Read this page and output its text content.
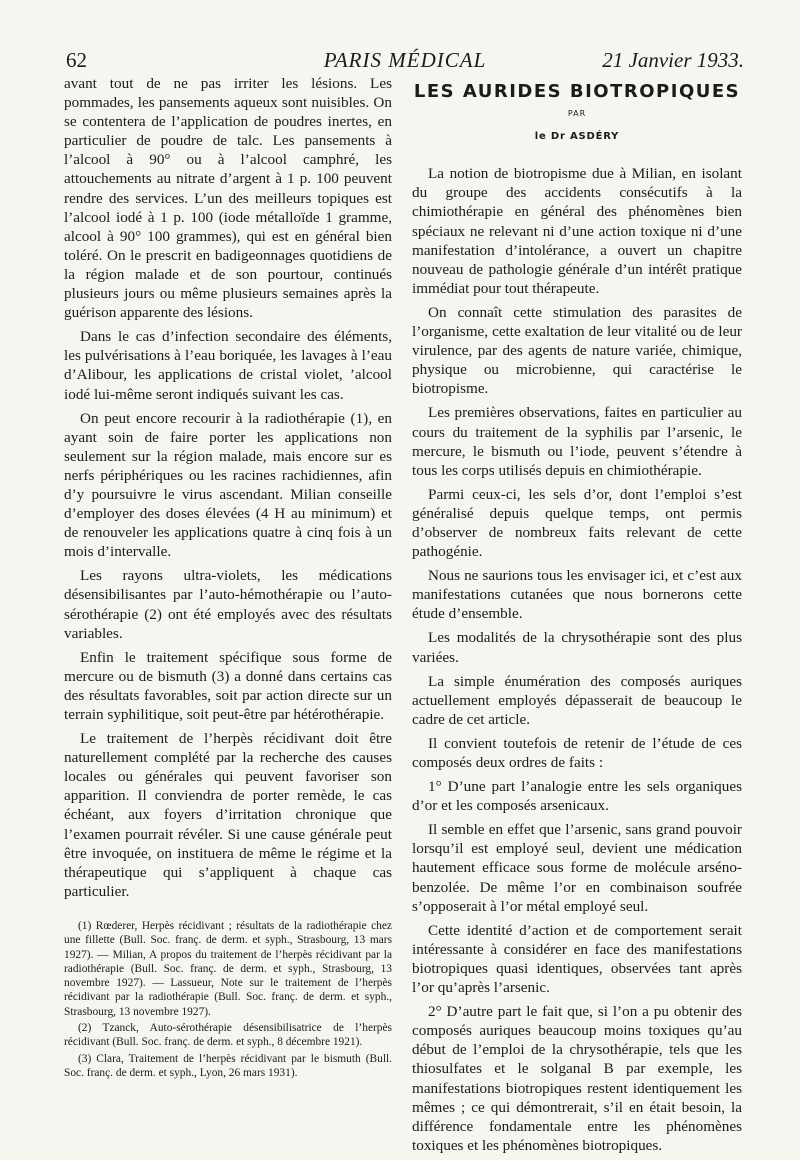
62	PARIS MÉDICAL	21 Janvier 1933.

avant tout de ne pas irriter les lésions. Les pommades, les pansements aqueux sont nuisibles. On se contentera de l’application de poudres inertes, en particulier de poudre de talc. Les pansements à l’alcool à 90° ou à l’alcool camphré, les attouchements au nitrate d’argent à 1 p. 100 peuvent rendre des services. L’un des meilleurs topiques est l’alcool iodé à 1 p. 100 (iode métalloïde 1 gramme, alcool à 90° 100 grammes), qui est en général bien toléré. On le prescrit en badigeonnages quotidiens de la région malade et de son pourtour, continués plusieurs jours ou même plusieurs semaines après la guérison apparente des lésions.

Dans le cas d’infection secondaire des éléments, les pulvérisations à l’eau boriquée, les lavages à l’eau d’Alibour, les applications de cristal violet, ’alcool iodé lui-même seront indiqués suivant les cas.

On peut encore recourir à la radiothérapie (1), en ayant soin de faire porter les applications non seulement sur la région malade, mais encore sur es nerfs périphériques ou les racines rachidiennes, afin d’y poursuivre le virus ascendant. Milian conseille d’employer des doses élevées (4 H au minimum) et de renouveler les applications quatre à cinq fois à un mois d’intervalle.

Les rayons ultra-violets, les médications désensibilisantes par l’auto-hémothérapie ou l’auto-sérothérapie (2) ont été employés avec des résultats variables.

Enfin le traitement spécifique sous forme de mercure ou de bismuth (3) a donné dans certains cas des résultats favorables, soit par action directe sur un terrain syphilitique, soit peut-être par hétérothérapie.

Le traitement de l’herpès récidivant doit être naturellement complété par la recherche des causes locales ou générales qui peuvent favoriser son apparition. Il conviendra de porter remède, le cas échéant, aux foyers d’irritation chronique que l’examen pourrait révéler. Si une cause générale peut être invoquée, on instituera de même le régime et la thérapeutique qui s’appliquent à chaque cas particulier.

(1) Rœderer, Herpès récidivant ; résultats de la radiothérapie chez une fillette (Bull. Soc. franç. de derm. et syph., Strasbourg, 13 mars 1927). — Milian, A propos du traitement de l’herpès récidivant par la radiothérapie (Bull. Soc. franç. de derm. et syph., Strasbourg, 13 novembre 1927). — Lassueur, Note sur le traitement de l’herpès récidivant par la radiothérapie (Bull. Soc. franç. de derm. et syph., Strasbourg, 13 novembre 1927).

(2) Tzanck, Auto-sérothérapie désensibilisatrice de l’herpès récidivant (Bull. Soc. franç. de derm. et syph., 8 décembre 1921).

(3) Clara, Traitement de l’herpès récidivant par le bismuth (Bull. Soc. franç. de derm. et syph., Lyon, 26 mars 1931).

LES AURIDES BIOTROPIQUES
PAR
le Dr ASDÉRY

La notion de biotropisme due à Milian, en isolant du groupe des accidents consécutifs à la chimiothérapie en général des phénomènes bien spéciaux ne relevant ni d’une action toxique ni d’une manifestation d’intolérance, a ouvert un chapitre nouveau de pathologie générale d’un intérêt pratique immédiat pour tout thérapeute.

On connaît cette stimulation des parasites de l’organisme, cette exaltation de leur vitalité ou de leur virulence, par des agents de nature variée, chimique, physique ou microbienne, qui caractérise le biotropisme.

Les premières observations, faites en particulier au cours du traitement de la syphilis par l’arsenic, le mercure, le bismuth ou l’iode, peuvent s’étendre à tous les corps utilisés depuis en chimiothérapie.

Parmi ceux-ci, les sels d’or, dont l’emploi s’est généralisé depuis quelque temps, ont permis d’observer de nombreux faits relevant de cette pathogénie.

Nous ne saurions tous les envisager ici, et c’est aux manifestations cutanées que nous bornerons cette étude d’ensemble.

Les modalités de la chrysothérapie sont des plus variées.

La simple énumération des composés auriques actuellement employés dépasserait de beaucoup le cadre de cet article.

Il convient toutefois de retenir de l’étude de ces composés deux ordres de faits :

1° D’une part l’analogie entre les sels organiques d’or et les composés arsenicaux.

Il semble en effet que l’arsenic, sans grand pouvoir lorsqu’il est employé seul, devient une médication hautement efficace sous forme de molécule arséno-benzolée. De même l’or en combinaison soufrée s’opposerait à l’or métal employé seul.

Cette identité d’action et de comportement serait intéressante à considérer en face des manifestations biotropiques quasi identiques, observées tant après l’or qu’après l’arsenic.

2° D’autre part le fait que, si l’on a pu obtenir des composés auriques beaucoup moins toxiques qu’au début de l’emploi de la chrysothérapie, tels que les thiosulfates et le solganal B par exemple, les manifestations biotropiques restent identiquement les mêmes ; ce qui démontrerait, s’il en était besoin, la différence fondamentale entre les phénomènes toxiques et les phénomènes biotropiques.
